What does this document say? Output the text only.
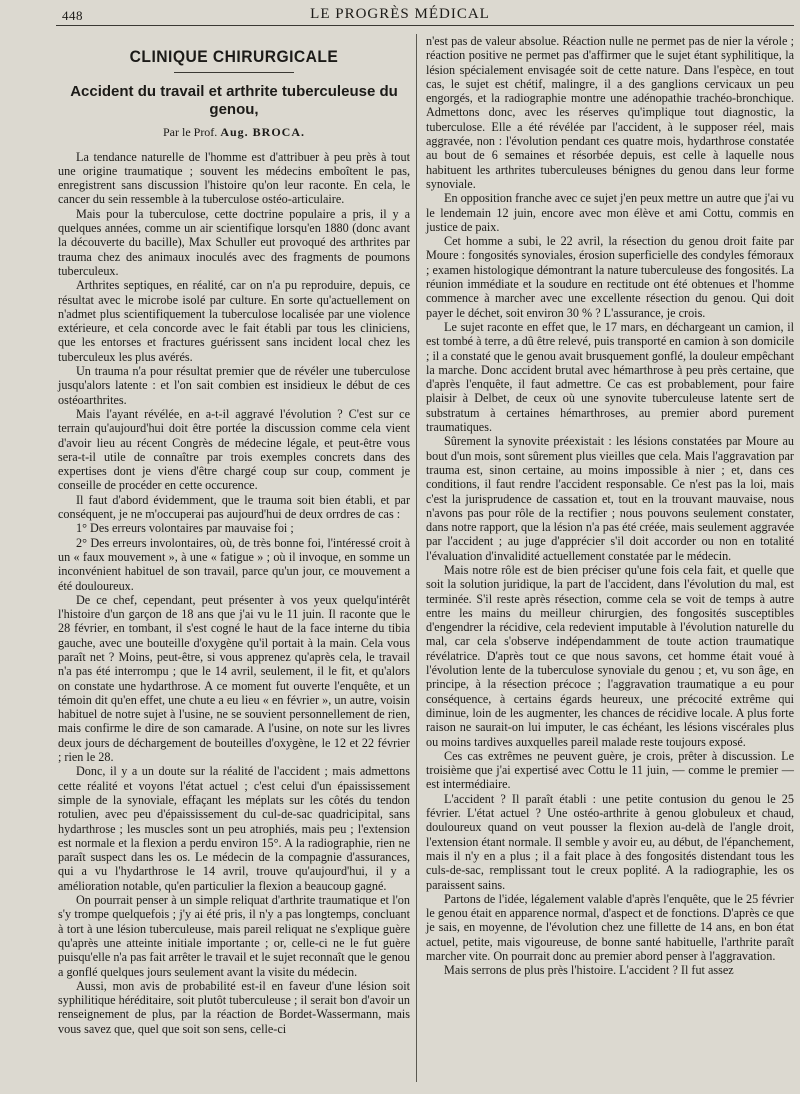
448	LE PROGRÈS MÉDICAL
CLINIQUE CHIRURGICALE
Accident du travail et arthrite tuberculeuse du genou,
Par le Prof. Aug. BROCA.

La tendance naturelle de l'homme est d'attribuer à peu près à tout une origine traumatique ; souvent les médecins emboîtent le pas, enregistrent sans discussion l'histoire qu'on leur raconte. En cela, le cancer du sein ressemble à la tuberculose ostéo-articulaire.

Mais pour la tuberculose, cette doctrine populaire a pris, il y a quelques années, comme un air scientifique lorsqu'en 1880 (donc avant la découverte du bacille), Max Schuller eut provoqué des arthrites par trauma chez des animaux inoculés avec des fragments de poumons tuberculeux.

Arthrites septiques, en réalité, car on n'a pu reproduire, depuis, ce résultat avec le microbe isolé par culture. En sorte qu'actuellement on n'admet plus scientifiquement la tuberculose localisée par une violence extérieure, et cela concorde avec le fait établi par tous les cliniciens, que les entorses et fractures guérissent sans incident local chez les tuberculeux les plus avérés.

Un trauma n'a pour résultat premier que de révéler une tuberculose jusqu'alors latente : et l'on sait combien est insidieux le début de ces ostéoarthrites.

Mais l'ayant révélée, en a-t-il aggravé l'évolution ? C'est sur ce terrain qu'aujourd'hui doit être portée la discussion comme cela vient d'avoir lieu au récent Congrès de médecine légale, et peut-être vous sera-t-il utile de connaître par trois exemples concrets dans des expertises dont je viens d'être chargé coup sur coup, comment je conseille de procéder en cette occurence.

Il faut d'abord évidemment, que le trauma soit bien établi, et par conséquent, je ne m'occuperai pas aujourd'hui de deux orrdres de cas :

1° Des erreurs volontaires par mauvaise foi ;

2° Des erreurs involontaires, où, de très bonne foi, l'intéressé croit à un « faux mouvement », à une « fatigue » ; où il invoque, en somme un inconvénient habituel de son travail, parce qu'un jour, ce mouvement a été douloureux.

De ce chef, cependant, peut présenter à vos yeux quelqu'intérêt l'histoire d'un garçon de 18 ans que j'ai vu le 11 juin. Il raconte que le 28 février, en tombant, il s'est cogné le haut de la face interne du tibia gauche, avec une bouteille d'oxygène qu'il portait à la main. Cela vous paraît net ? Moins, peut-être, si vous apprenez qu'après cela, le travail n'a pas été interrompu ; que le 14 avril, seulement, il le fit, et qu'alors on constate une hydarthrose. A ce moment fut ouverte l'enquête, et un témoin dit qu'en effet, une chute a eu lieu « en février », un autre, voisin habituel de notre sujet à l'usine, ne se souvient personnellement de rien, mais confirme le dire de son camarade. A l'usine, on note sur les livres deux jours de déchargement de bouteilles d'oxygène, le 12 et 22 février ; rien le 28.

Donc, il y a un doute sur la réalité de l'accident ; mais admettons cette réalité et voyons l'état actuel ; c'est celui d'un épaississement simple de la synoviale, effaçant les méplats sur les côtés du tendon rotulien, avec peu d'épaississement du cul-de-sac quadricipital, sans hydarthrose ; les muscles sont un peu atrophiés, mais peu ; l'extension est normale et la flexion a perdu environ 15°. A la radiographie, rien ne paraît suspect dans les os. Le médecin de la compagnie d'assurances, qui a vu l'hydarthrose le 14 avril, trouve qu'aujourd'hui, il y a amélioration notable, qu'en particulier la flexion a beaucoup gagné.

On pourrait penser à un simple reliquat d'arthrite traumatique et l'on s'y trompe quelquefois ; j'y ai été pris, il n'y a pas longtemps, concluant à tort à une lésion tuberculeuse, mais pareil reliquat ne s'explique guère qu'après une atteinte initiale importante ; or, celle-ci ne le fut guère puisqu'elle n'a pas fait arrêter le travail et le sujet reconnaît que le genou a gonflé quelques jours seulement avant la visite du médecin.

Aussi, mon avis de probabilité est-il en faveur d'une lésion soit syphilitique héréditaire, soit plutôt tuberculeuse ; il serait bon d'avoir un renseignement de plus, par la réaction de Bordet-Wassermann, mais vous savez que, quel que soit son sens, celle-ci

n'est pas de valeur absolue. Réaction nulle ne permet pas de nier la vérole ; réaction positive ne permet pas d'affirmer que le sujet étant syphilitique, la lésion spécialement envisagée soit de cette nature. Dans l'espèce, en tout cas, le sujet est chétif, malingre, il a des ganglions cervicaux un peu engorgés, et la radiographie montre une adénopathie trachéo-bronchique. Admettons donc, avec les réserves qu'implique tout diagnostic, la tuberculose. Elle a été révélée par l'accident, à le supposer réel, mais aggravée, non : l'évolution pendant ces quatre mois, hydarthrose constatée au bout de 6 semaines et résorbée depuis, est celle à laquelle nous habituent les arthrites tuberculeuses bénignes du genou dans leur forme synoviale.

En opposition franche avec ce sujet j'en peux mettre un autre que j'ai vu le lendemain 12 juin, encore avec mon élève et ami Cottu, commis en justice de paix.

Cet homme a subi, le 22 avril, la résection du genou droit faite par Moure : fongosités synoviales, érosion superficielle des condyles fémoraux ; examen histologique démontrant la nature tuberculeuse des fongosités. La réunion immédiate et la soudure en rectitude ont été obtenues et l'homme commence à marcher avec une excellente résection du genou. Qui doit payer le déchet, soit environ 30 % ? L'assurance, je crois.

Le sujet raconte en effet que, le 17 mars, en déchargeant un camion, il est tombé à terre, a dû être relevé, puis transporté en camion à son domicile ; il a constaté que le genou avait brusquement gonflé, la douleur empêchant la marche. Donc accident brutal avec hémarthrose à peu près certaine, que d'après l'enquête, il faut admettre. Ce cas est probablement, pour faire plaisir à Delbet, de ceux où une synovite tuberculeuse latente sert de substratum à certaines hémarthroses, au premier abord purement traumatiques.

Sûrement la synovite préexistait : les lésions constatées par Moure au bout d'un mois, sont sûrement plus vieilles que cela. Mais l'aggravation par trauma est, sinon certaine, au moins impossible à nier ; et, dans ces conditions, il faut rendre l'accident responsable. Ce n'est pas la loi, mais c'est la jurisprudence de cassation et, tout en la trouvant mauvaise, nous n'avons pas pour rôle de la rectifier ; nous pouvons seulement constater, dans notre rapport, que la lésion n'a pas été créée, mais seulement aggravée par l'accident ; au juge d'apprécier s'il doit accorder ou non en totalité l'évaluation d'invalidité actuellement constatée par le médecin.

Mais notre rôle est de bien préciser qu'une fois cela fait, et quelle que soit la solution juridique, la part de l'accident, dans l'évolution du mal, est terminée. S'il reste après résection, comme cela se voit de temps à autre entre les mains du meilleur chirurgien, des fongosités susceptibles d'engendrer la récidive, cela redevient imputable à l'évolution naturelle du mal, car cela s'observe indépendamment de toute action traumatique révélatrice. D'après tout ce que nous savons, cet homme était voué à l'évolution lente de la tuberculose synoviale du genou ; et, vu son âge, en principe, à la résection précoce ; l'aggravation traumatique a eu pour conséquence, à certains égards heureux, une précocité extrême qui diminue, loin de les augmenter, les chances de récidive locale. A plus forte raison ne saurait-on lui imputer, le cas échéant, les lésions viscérales plus ou moins tardives auxquelles pareil malade reste toujours exposé.

Ces cas extrêmes ne peuvent guère, je crois, prêter à discussion. Le troisième que j'ai expertisé avec Cottu le 11 juin, — comme le premier — est intermédiaire.

L'accident ? Il paraît établi : une petite contusion du genou le 25 février. L'état actuel ? Une ostéo-arthrite à genou globuleux et chaud, douloureux quand on veut pousser la flexion au-delà de l'angle droit, l'extension étant normale. Il semble y avoir eu, au début, de l'épanchement, mais il n'y en a plus ; il a fait place à des fongosités distendant tous les culs-de-sac, remplissant tout le creux poplité. A la radiographie, les os paraissent sains.

Partons de l'idée, légalement valable d'après l'enquête, que le 25 février le genou était en apparence normal, d'aspect et de fonctions. D'après ce que je sais, en moyenne, de l'évolution chez une fillette de 14 ans, en bon état actuel, petite, mais vigoureuse, de bonne santé habituelle, l'arthrite paraît marcher vite. On pourrait donc au premier abord penser à l'aggravation.

Mais serrons de plus près l'histoire. L'accident ? Il fut assez
